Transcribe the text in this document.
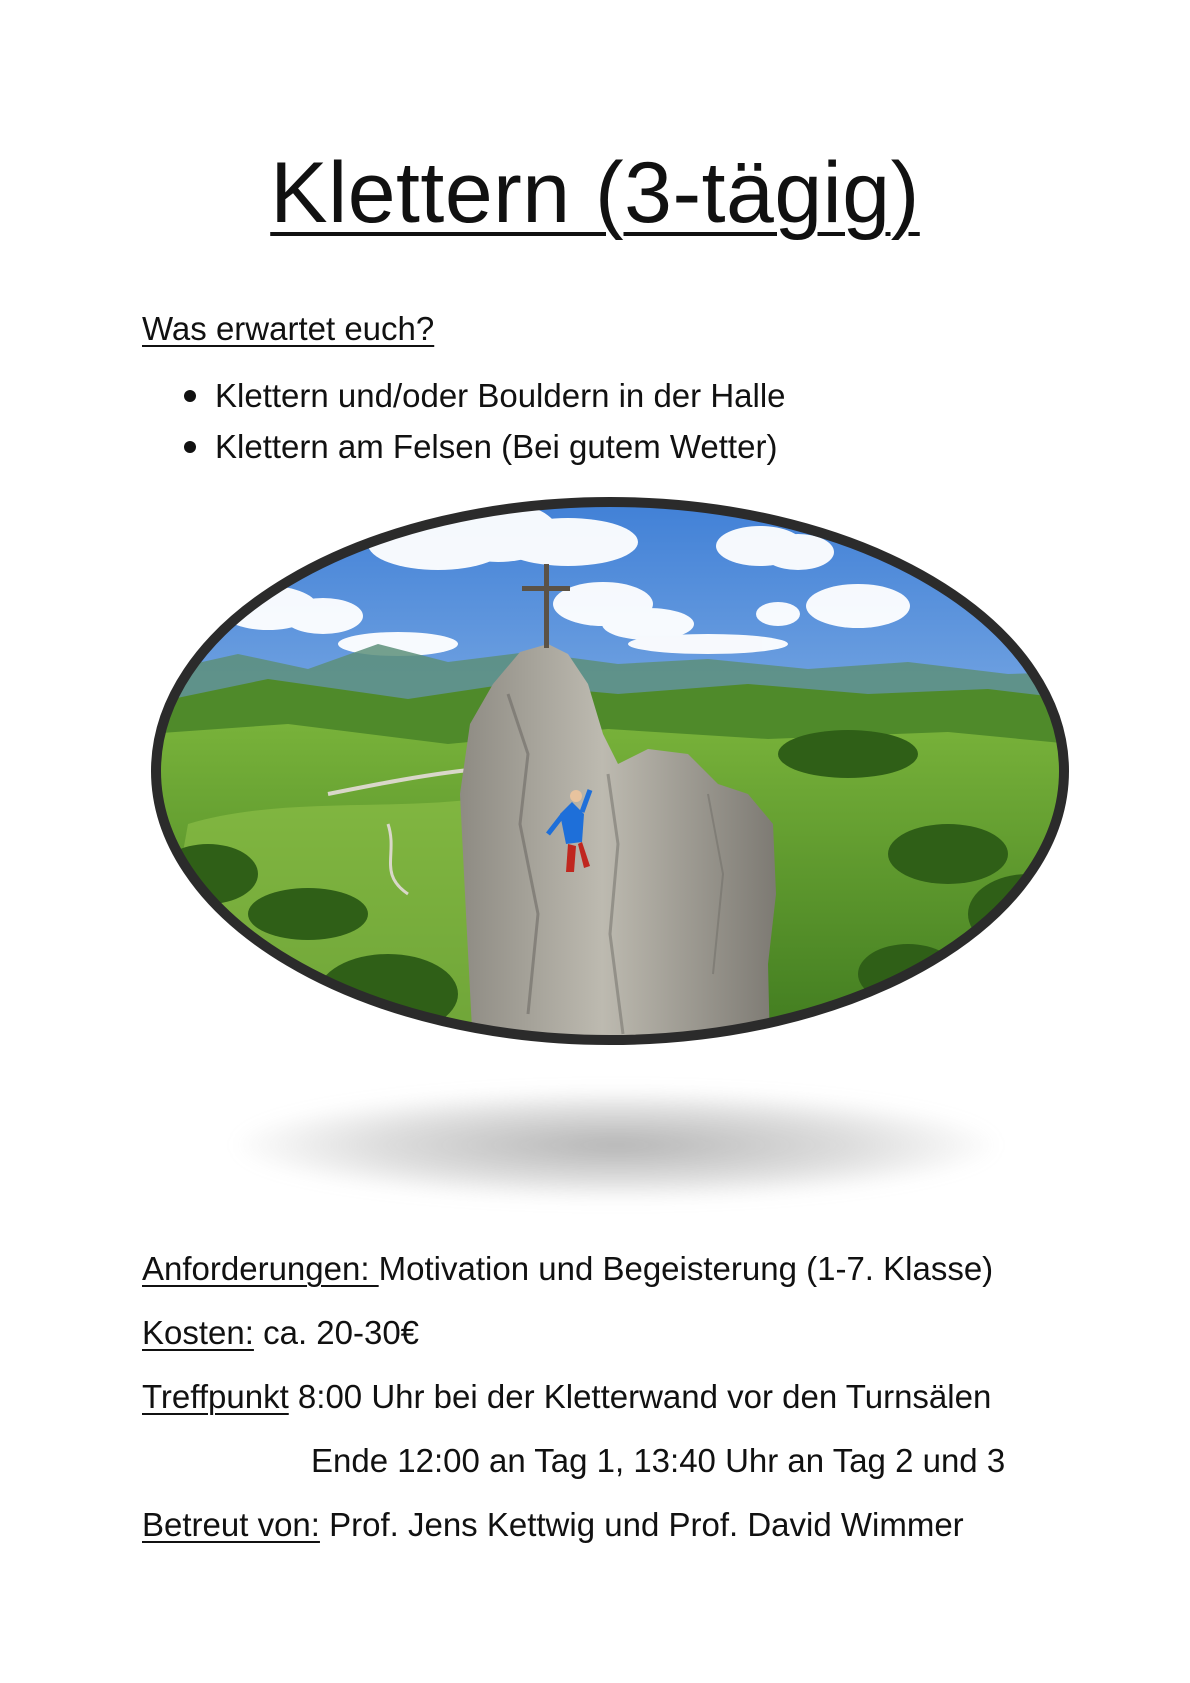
Klettern (3-tägig)
Was erwartet euch?
Klettern und/oder Bouldern in der Halle
Klettern am Felsen (Bei gutem Wetter)
Anforderungen: Motivation und Begeisterung (1-7. Klasse)
Kosten: ca. 20-30€
Treffpunkt 8:00 Uhr bei der Kletterwand vor den Turnsälen
Ende 12:00 an Tag 1, 13:40 Uhr an Tag 2 und 3
Betreut von: Prof. Jens Kettwig und Prof. David Wimmer
